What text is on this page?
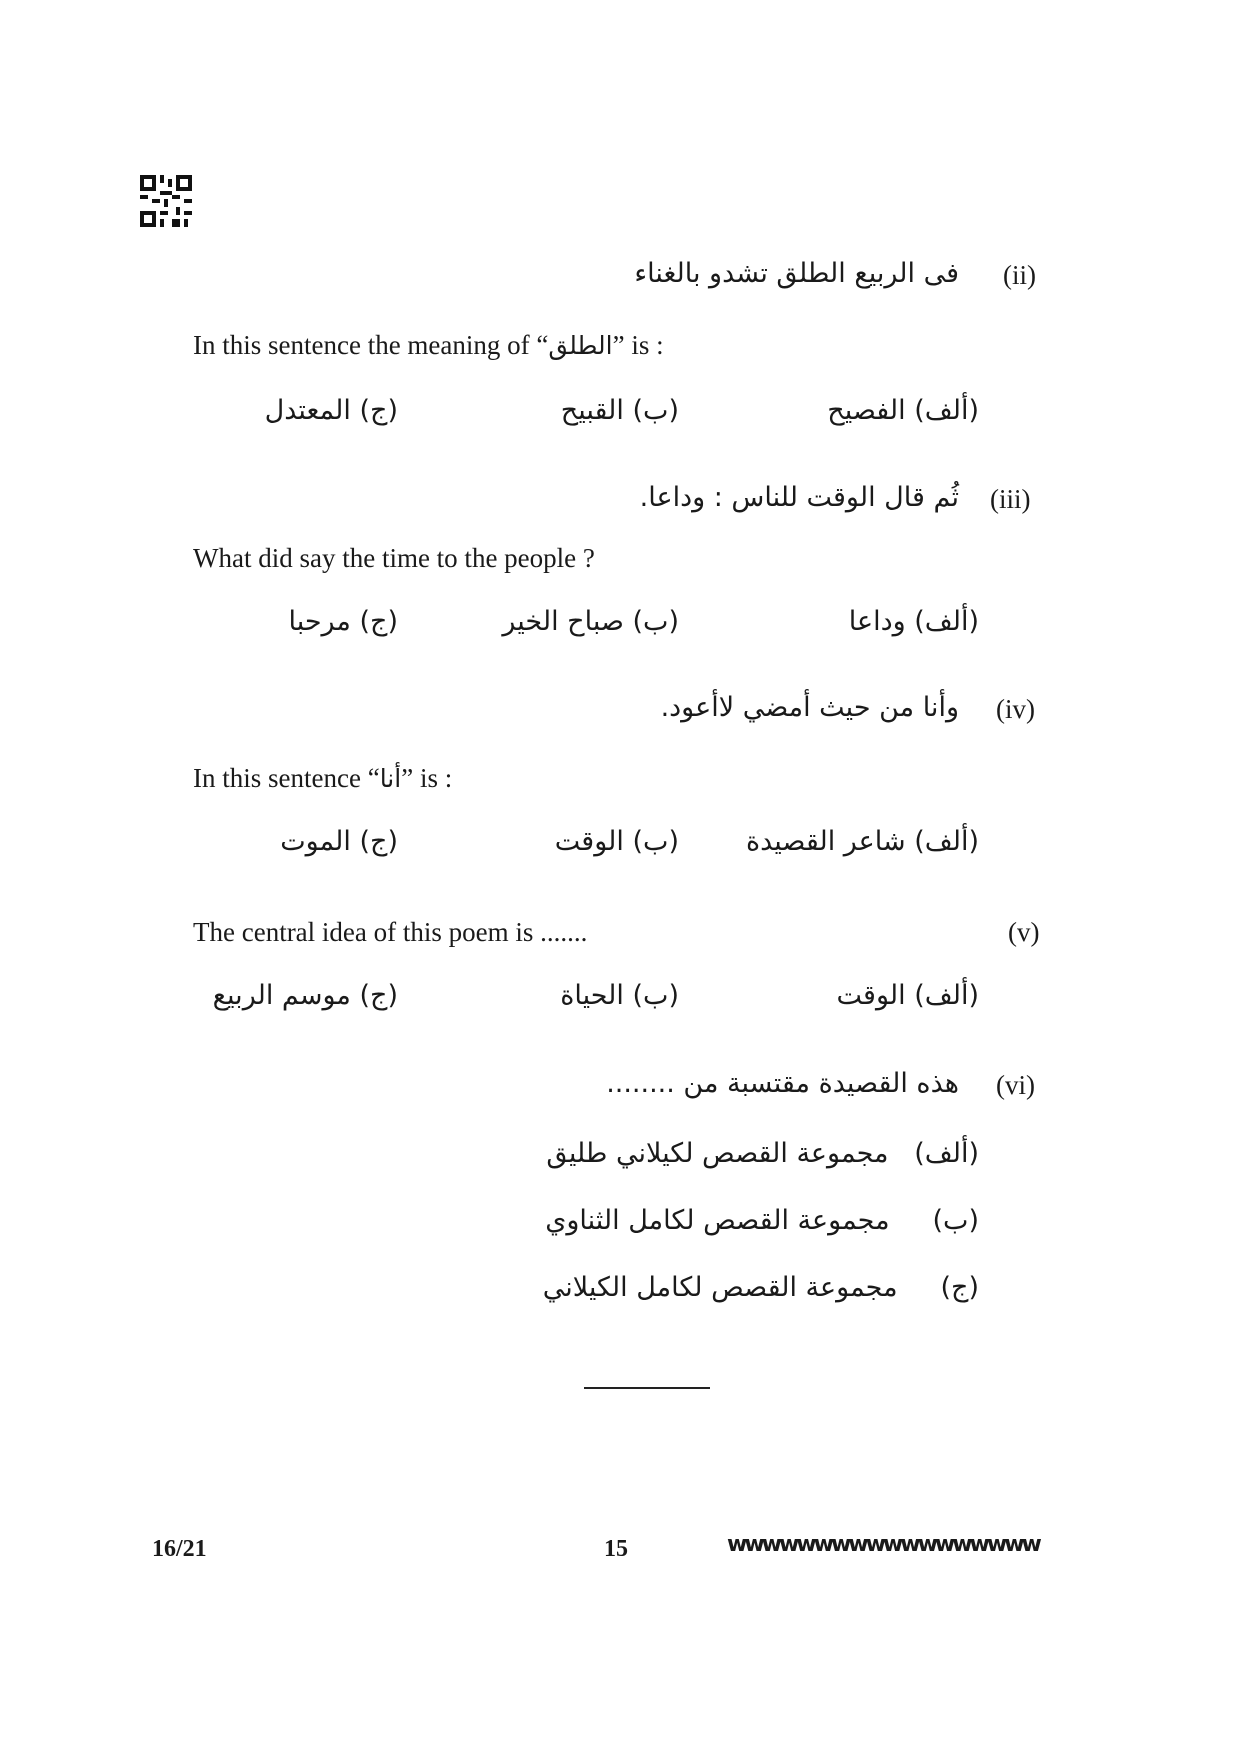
(ii)
فى الربيع الطلق تشدو بالغناء
In this sentence the meaning of “الطلق” is :
(ألف) الفصيح
(ب) القبيح
(ج) المعتدل
(iii)
ثُم قال الوقت للناس : وداعا.
What did say the time to the people ?
(ألف) وداعا
(ب) صباح الخير
(ج) مرحبا
(iv)
وأنا من حيث أمضي لاأعود.
In this sentence “أنا” is :
(ألف) شاعر القصيدة
(ب) الوقت
(ج) الموت
(v)
The central idea of this poem is .......
(ألف) الوقت
(ب) الحياة
(ج) موسم الربيع
(vi)
هذه القصيدة مقتسبة من ........
(ألف)   مجموعة القصص لكيلاني طليق
(ب)     مجموعة القصص لكامل الثناوي
(ج)     مجموعة القصص لكامل الكيلاني
16/21	15	wwwwwwwwwwwwwwwwww
